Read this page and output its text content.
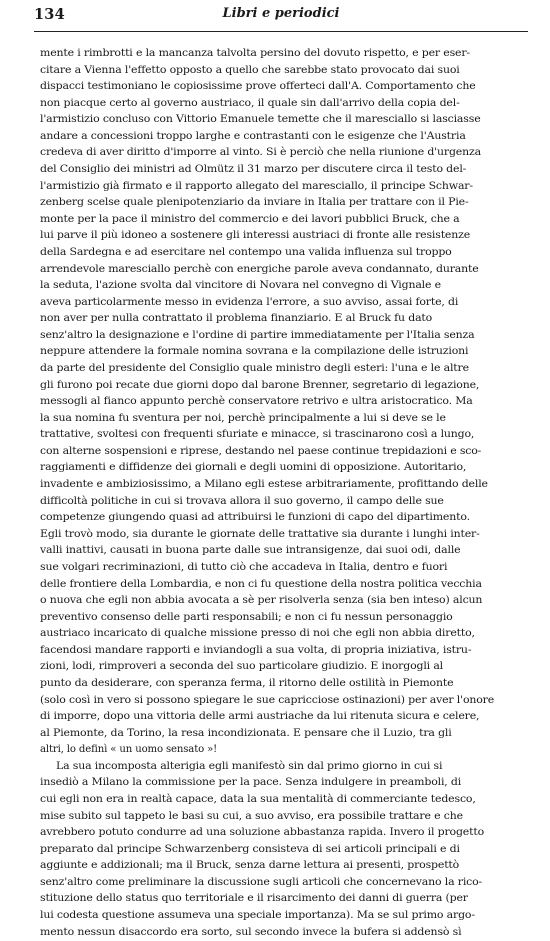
134	Libri e periodici
mente i rimbrotti e la mancanza talvolta persino del dovuto rispetto, e per eser-
citare a Vienna l'effetto opposto a quello che sarebbe stato provocato dai suoi
dispacci testimoniano le copiosissime prove offerteci dall'A. Comportamento che
non piacque certo al governo austriaco, il quale sin dall'arrivo della copia del-
l'armistizio concluso con Vittorio Emanuele temette che il maresciallo si lasciasse
andare a concessioni troppo larghe e contrastanti con le esigenze che l'Austria
credeva di aver diritto d'imporre al vinto. Si è perciò che nella riunione d'urgenza
del Consiglio dei ministri ad Olmütz il 31 marzo per discutere circa il testo del-
l'armistizio già firmato e il rapporto allegato del maresciallo, il principe Schwar-
zenberg scelse quale plenipotenziario da inviare in Italia per trattare con il Pie-
monte per la pace il ministro del commercio e dei lavori pubblici Bruck, che a
lui parve il più idoneo a sostenere gli interessi austriaci di fronte alle resistenze
della Sardegna e ad esercitare nel contempo una valida influenza sul troppo
arrendevole maresciallo perchè con energiche parole aveva condannato, durante
la seduta, l'azione svolta dal vincitore di Novara nel convegno di Vignale e
aveva particolarmente messo in evidenza l'errore, a suo avviso, assai forte, di
non aver per nulla contrattato il problema finanziario. E al Bruck fu dato
senz'altro la designazione e l'ordine di partire immediatamente per l'Italia senza
neppure attendere la formale nomina sovrana e la compilazione delle istruzioni
da parte del presidente del Consiglio quale ministro degli esteri: l'una e le altre
gli furono poi recate due giorni dopo dal barone Brenner, segretario di legazione,
messogli al fianco appunto perchè conservatore retrivo e ultra aristocratico. Ma
la sua nomina fu sventura per noi, perchè principalmente a lui si deve se le
trattative, svoltesi con frequenti sfuriate e minacce, si trascinarono così a lungo,
con alterne sospensioni e riprese, destando nel paese continue trepidazioni e sco-
raggiamenti e diffidenze dei giornali e degli uomini di opposizione. Autoritario,
invadente e ambiziosissimo, a Milano egli estese arbitrariamente, profittando delle
difficoltà politiche in cui si trovava allora il suo governo, il campo delle sue
competenze giungendo quasi ad attribuirsi le funzioni di capo del dipartimento.
Egli trovò modo, sia durante le giornate delle trattative sia durante i lunghi inter-
valli inattivi, causati in buona parte dalle sue intransigenze, dai suoi odi, dalle
sue volgari recriminazioni, di tutto ciò che accadeva in Italia, dentro e fuori
delle frontiere della Lombardia, e non ci fu questione della nostra politica vecchia
o nuova che egli non abbia avocata a sè per risolverla senza (sia ben inteso) alcun
preventivo consenso delle parti responsabili; e non ci fu nessun personaggio
austriaco incaricato di qualche missione presso di noi che egli non abbia diretto,
facendosi mandare rapporti e inviandogli a sua volta, di propria iniziativa, istru-
zioni, lodi, rimproveri a seconda del suo particolare giudizio. E inorgogli al
punto da desiderare, con speranza ferma, il ritorno delle ostilità in Piemonte
(solo così in vero si possono spiegare le sue capricciose ostinazioni) per aver l'onore
di imporre, dopo una vittoria delle armi austriache da lui ritenuta sicura e celere,
al Piemonte, da Torino, la resa incondizionata. E pensare che il Luzio, tra gli
altri, lo definì « un uomo sensato »!
La sua incomposta alterigia egli manifestò sin dal primo giorno in cui si
insediò a Milano la commissione per la pace. Senza indulgere in preamboli, di
cui egli non era in realtà capace, data la sua mentalità di commerciante tedesco,
mise subito sul tappeto le basi su cui, a suo avviso, era possibile trattare e che
avrebbero potuto condurre ad una soluzione abbastanza rapida. Invero il progetto
preparato dal principe Schwarzenberg consisteva di sei articoli principali e di
aggiunte e addizionali; ma il Bruck, senza darne lettura ai presenti, prospettò
senz'altro come preliminare la discussione sugli articoli che concernevano la rico-
stituzione dello status quo territoriale e il risarcimento dei danni di guerra (per
lui codesta questione assumeva una speciale importanza). Ma se sul primo argo-
mento nessun disaccordo era sorto, sul secondo invece la bufera si addensò sì
